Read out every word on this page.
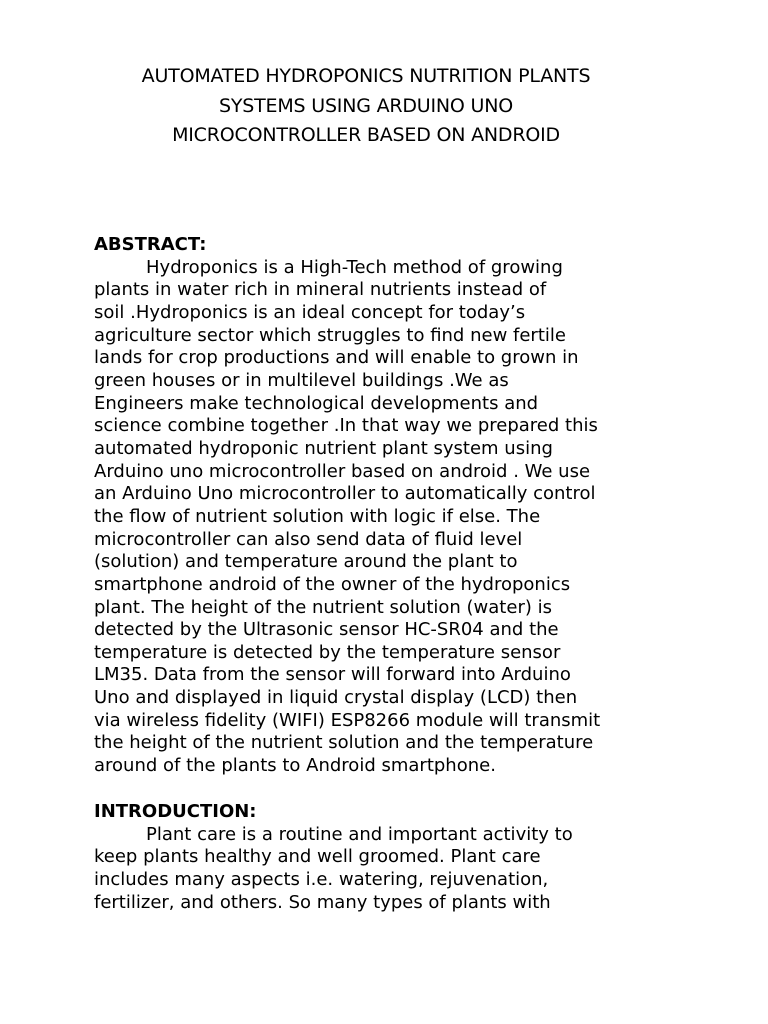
AUTOMATED HYDROPONICS NUTRITION PLANTS
SYSTEMS USING ARDUINO UNO
MICROCONTROLLER BASED ON ANDROID
ABSTRACT:
Hydroponics is a High-Tech method of growing
plants in water rich in mineral nutrients instead of
soil .Hydroponics is an ideal concept for today’s
agriculture sector which struggles to find new fertile
lands for crop productions and will enable to grown in
green houses or in multilevel buildings .We as
Engineers make technological developments and
science combine together .In that way we prepared this
automated hydroponic nutrient plant system using
Arduino uno microcontroller based on android . We use
an Arduino Uno microcontroller to automatically control
the flow of nutrient solution with logic if else. The
microcontroller can also send data of fluid level
(solution) and temperature around the plant to
smartphone android of the owner of the hydroponics
plant. The height of the nutrient solution (water) is
detected by the Ultrasonic sensor HC-SR04 and the
temperature is detected by the temperature sensor
LM35. Data from the sensor will forward into Arduino
Uno and displayed in liquid crystal display (LCD) then
via wireless fidelity (WIFI) ESP8266 module will transmit
the height of the nutrient solution and the temperature
around of the plants to Android smartphone.
INTRODUCTION:
Plant care is a routine and important activity to
keep plants healthy and well groomed. Plant care
includes many aspects i.e. watering, rejuvenation,
fertilizer, and others. So many types of plants with
